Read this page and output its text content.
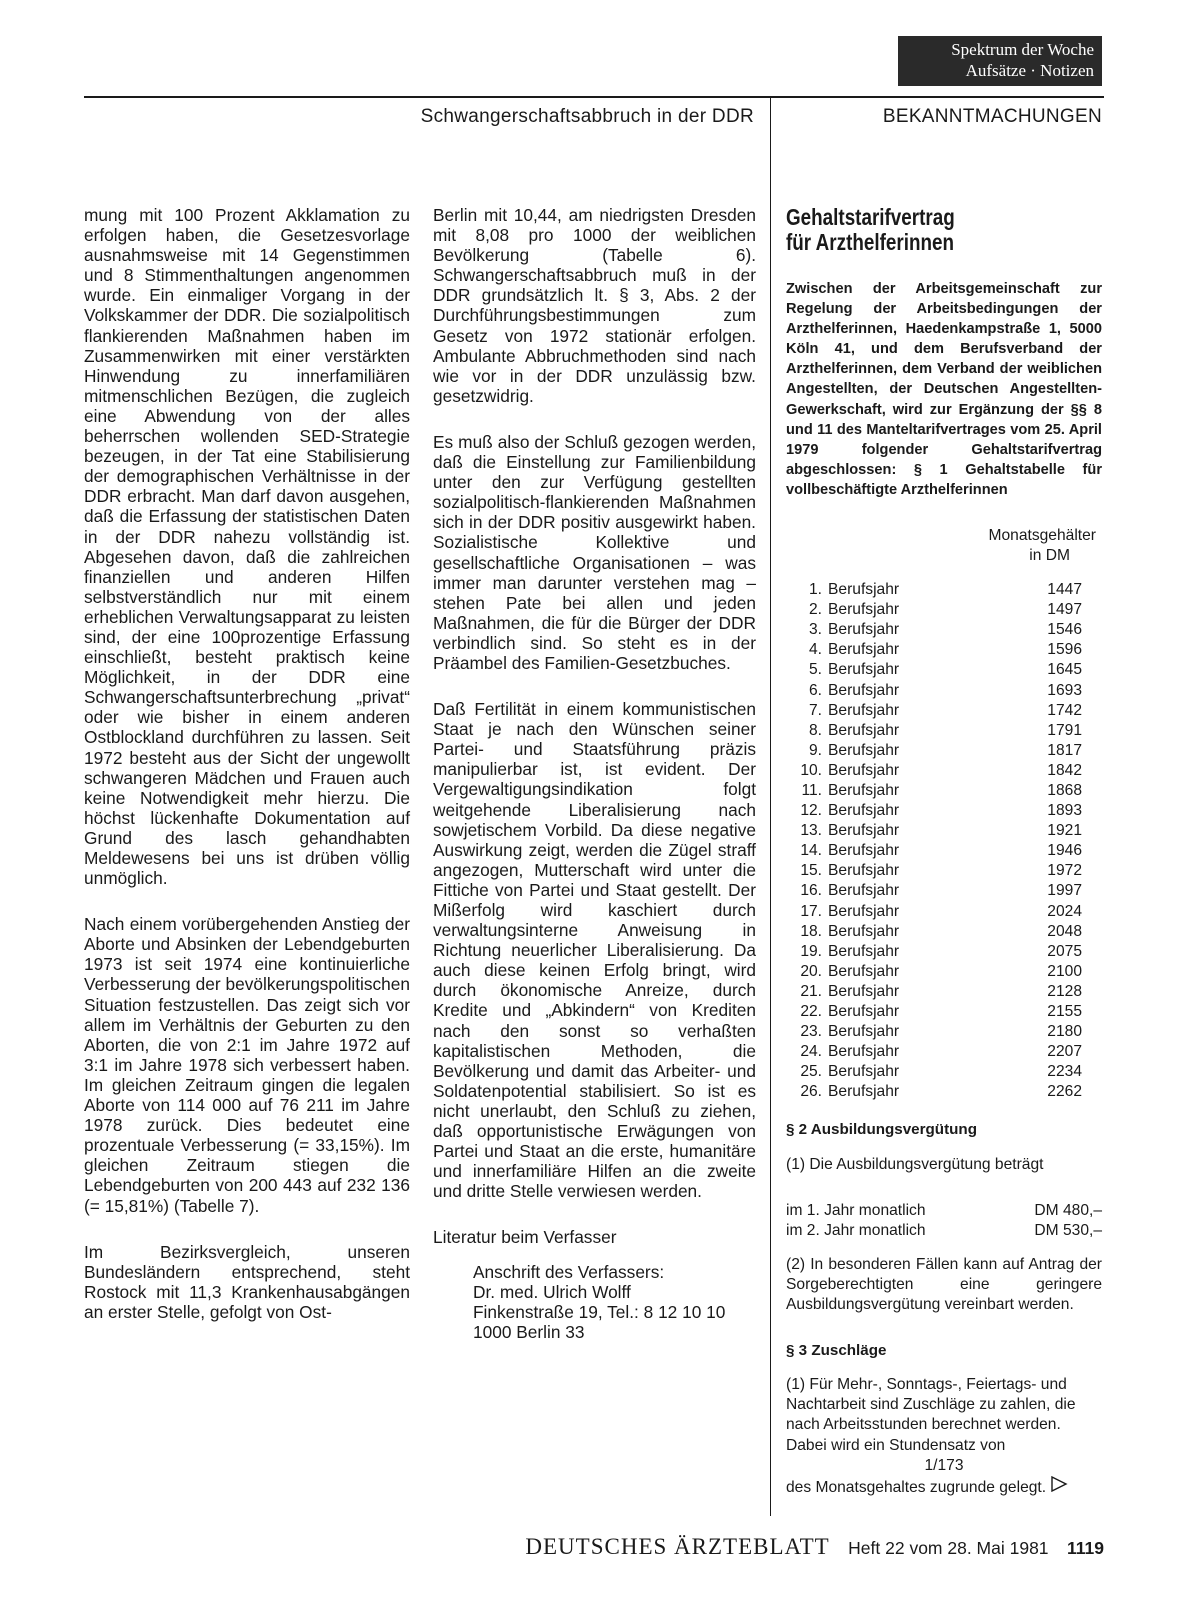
Spektrum der Woche
Aufsätze · Notizen
Schwangerschaftsabbruch in der DDR	BEKANNTMACHUNGEN

mung mit 100 Prozent Akklamation zu erfolgen haben, die Gesetzesvorlage ausnahmsweise mit 14 Gegenstimmen und 8 Stimmenthaltungen angenommen wurde. Ein einmaliger Vorgang in der Volkskammer der DDR. Die sozialpolitisch flankierenden Maßnahmen haben im Zusammenwirken mit einer verstärkten Hinwendung zu innerfamiliären mitmenschlichen Bezügen, die zugleich eine Abwendung von der alles beherrschen wollenden SED-Strategie bezeugen, in der Tat eine Stabilisierung der demographischen Verhältnisse in der DDR erbracht. Man darf davon ausgehen, daß die Erfassung der statistischen Daten in der DDR nahezu vollständig ist. Abgesehen davon, daß die zahlreichen finanziellen und anderen Hilfen selbstverständlich nur mit einem erheblichen Verwaltungsapparat zu leisten sind, der eine 100prozentige Erfassung einschließt, besteht praktisch keine Möglichkeit, in der DDR eine Schwangerschaftsunterbrechung „privat“ oder wie bisher in einem anderen Ostblockland durchführen zu lassen. Seit 1972 besteht aus der Sicht der ungewollt schwangeren Mädchen und Frauen auch keine Notwendigkeit mehr hierzu. Die höchst lückenhafte Dokumentation auf Grund des lasch gehandhabten Meldewesens bei uns ist drüben völlig unmöglich.

Nach einem vorübergehenden Anstieg der Aborte und Absinken der Lebendgeburten 1973 ist seit 1974 eine kontinuierliche Verbesserung der bevölkerungspolitischen Situation festzustellen. Das zeigt sich vor allem im Verhältnis der Geburten zu den Aborten, die von 2:1 im Jahre 1972 auf 3:1 im Jahre 1978 sich verbessert haben. Im gleichen Zeitraum gingen die legalen Aborte von 114 000 auf 76 211 im Jahre 1978 zurück. Dies bedeutet eine prozentuale Verbesserung (= 33,15%). Im gleichen Zeitraum stiegen die Lebendgeburten von 200 443 auf 232 136 (= 15,81%) (Tabelle 7).

Im Bezirksvergleich, unseren Bundesländern entsprechend, steht Rostock mit 11,3 Krankenhausabgängen an erster Stelle, gefolgt von Ost-

Berlin mit 10,44, am niedrigsten Dresden mit 8,08 pro 1000 der weiblichen Bevölkerung (Tabelle 6). Schwangerschaftsabbruch muß in der DDR grundsätzlich lt. § 3, Abs. 2 der Durchführungsbestimmungen zum Gesetz von 1972 stationär erfolgen. Ambulante Abbruchmethoden sind nach wie vor in der DDR unzulässig bzw. gesetzwidrig.

Es muß also der Schluß gezogen werden, daß die Einstellung zur Familienbildung unter den zur Verfügung gestellten sozialpolitisch-flankierenden Maßnahmen sich in der DDR positiv ausgewirkt haben. Sozialistische Kollektive und gesellschaftliche Organisationen – was immer man darunter verstehen mag – stehen Pate bei allen und jeden Maßnahmen, die für die Bürger der DDR verbindlich sind. So steht es in der Präambel des Familien-Gesetzbuches.

Daß Fertilität in einem kommunistischen Staat je nach den Wünschen seiner Partei- und Staatsführung präzis manipulierbar ist, ist evident. Der Vergewaltigungsindikation folgt weitgehende Liberalisierung nach sowjetischem Vorbild. Da diese negative Auswirkung zeigt, werden die Zügel straff angezogen, Mutterschaft wird unter die Fittiche von Partei und Staat gestellt. Der Mißerfolg wird kaschiert durch verwaltungsinterne Anweisung in Richtung neuerlicher Liberalisierung. Da auch diese keinen Erfolg bringt, wird durch ökonomische Anreize, durch Kredite und „Abkindern“ von Krediten nach den sonst so verhaßten kapitalistischen Methoden, die Bevölkerung und damit das Arbeiter- und Soldatenpotential stabilisiert. So ist es nicht unerlaubt, den Schluß zu ziehen, daß opportunistische Erwägungen von Partei und Staat an die erste, humanitäre und innerfamiliäre Hilfen an die zweite und dritte Stelle verwiesen werden.

Literatur beim Verfasser

Anschrift des Verfassers:
Dr. med. Ulrich Wolff
Finkenstraße 19, Tel.: 8 12 10 10
1000 Berlin 33
Gehaltstarifvertrag
für Arzthelferinnen

Zwischen der Arbeitsgemeinschaft zur Regelung der Arbeitsbedingungen der Arzthelferinnen, Haedenkampstraße 1, 5000 Köln 41, und dem Berufsverband der Arzthelferinnen, dem Verband der weiblichen Angestellten, der Deutschen Angestellten-Gewerkschaft, wird zur Ergänzung der §§ 8 und 11 des Manteltarifvertrages vom 25. April 1979 folgender Gehaltstarifvertrag abgeschlossen: § 1 Gehaltstabelle für vollbeschäftigte Arzthelferinnen

Monatsgehälter
in DM
1. Berufsjahr	1447
2. Berufsjahr	1497
3. Berufsjahr	1546
4. Berufsjahr	1596
5. Berufsjahr	1645
6. Berufsjahr	1693
7. Berufsjahr	1742
8. Berufsjahr	1791
9. Berufsjahr	1817
10. Berufsjahr	1842
11. Berufsjahr	1868
12. Berufsjahr	1893
13. Berufsjahr	1921
14. Berufsjahr	1946
15. Berufsjahr	1972
16. Berufsjahr	1997
17. Berufsjahr	2024
18. Berufsjahr	2048
19. Berufsjahr	2075
20. Berufsjahr	2100
21. Berufsjahr	2128
22. Berufsjahr	2155
23. Berufsjahr	2180
24. Berufsjahr	2207
25. Berufsjahr	2234
26. Berufsjahr	2262
§ 2 Ausbildungsvergütung

(1) Die Ausbildungsvergütung beträgt

im 1. Jahr monatlich	DM 480,–
im 2. Jahr monatlich	DM 530,–

(2) In besonderen Fällen kann auf Antrag der Sorgeberechtigten eine geringere Ausbildungsvergütung vereinbart werden.

§ 3 Zuschläge

(1) Für Mehr-, Sonntags-, Feiertags- und Nachtarbeit sind Zuschläge zu zahlen, die nach Arbeitsstunden berechnet werden. Dabei wird ein Stundensatz von

1/173

des Monatsgehaltes zugrunde gelegt.

DEUTSCHES ÄRZTEBLATT Heft 22 vom 28. Mai 1981 1119
